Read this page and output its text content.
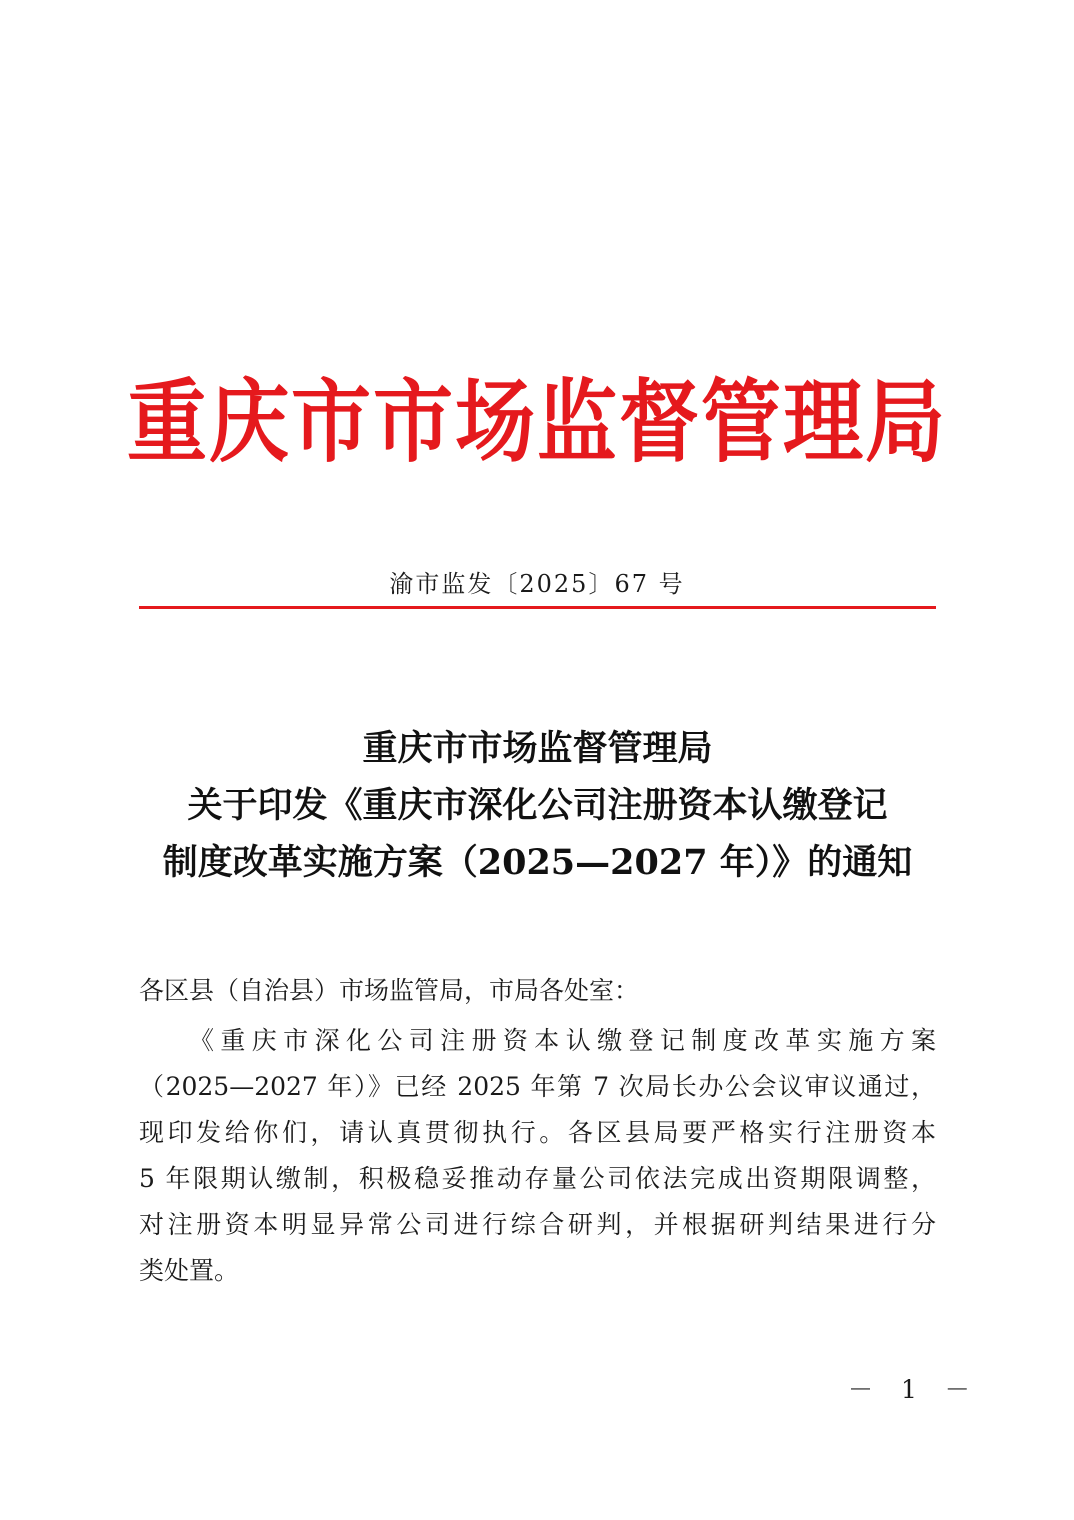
重庆市市场监督管理局
渝市监发〔2025〕67 号
重庆市市场监督管理局
关于印发《重庆市深化公司注册资本认缴登记
制度改革实施方案（2025—2027 年）》的通知
各区县（自治县）市场监管局，市局各处室：
《重庆市深化公司注册资本认缴登记制度改革实施方案
（2025—2027 年）》已经 2025 年第 7 次局长办公会议审议通过，
现印发给你们，请认真贯彻执行。各区县局要严格实行注册资本
5 年限期认缴制，积极稳妥推动存量公司依法完成出资期限调整，
对注册资本明显异常公司进行综合研判，并根据研判结果进行分
类处置。
－ 1 －
